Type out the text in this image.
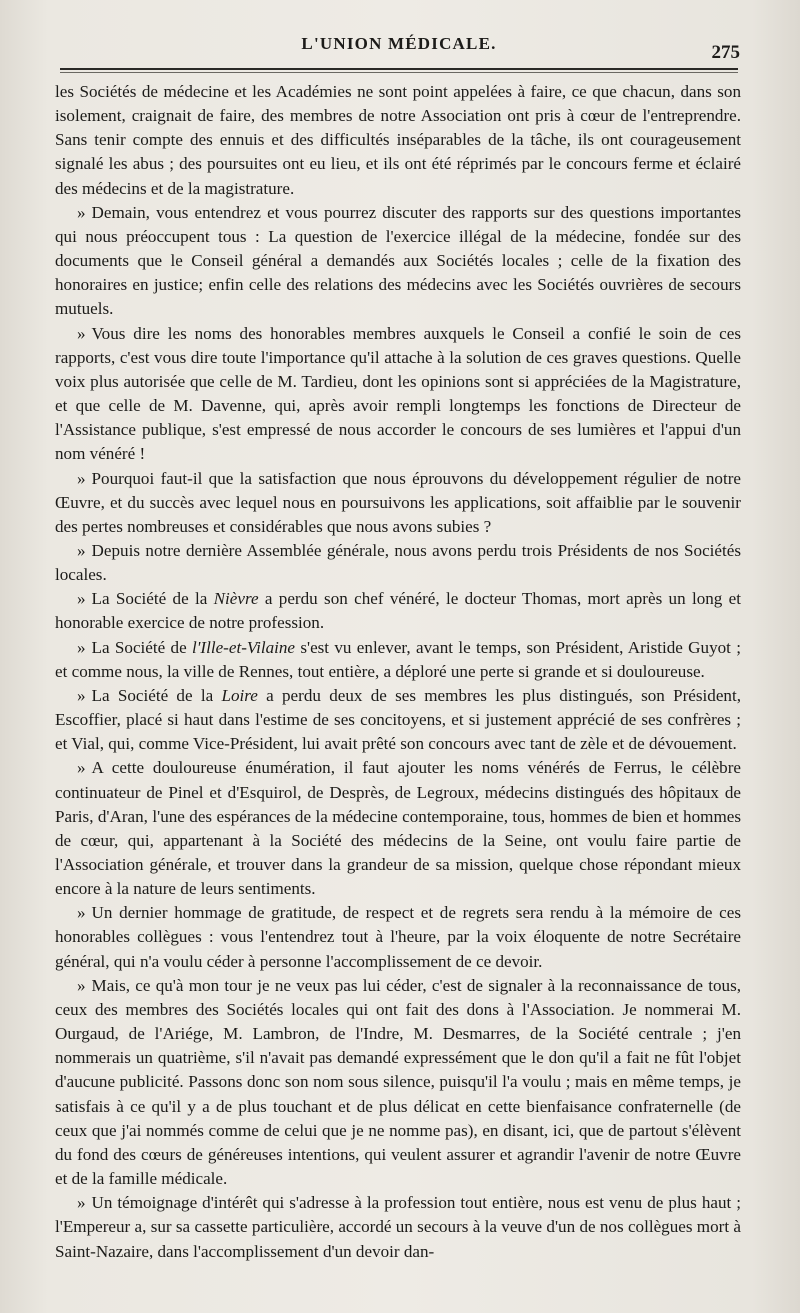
L'UNION MÉDICALE.	275

les Sociétés de médecine et les Académies ne sont point appelées à faire, ce que chacun, dans son isolement, craignait de faire, des membres de notre Association ont pris à cœur de l'entreprendre. Sans tenir compte des ennuis et des difficultés inséparables de la tâche, ils ont courageusement signalé les abus ; des poursuites ont eu lieu, et ils ont été réprimés par le concours ferme et éclairé des médecins et de la magistrature.

» Demain, vous entendrez et vous pourrez discuter des rapports sur des questions importantes qui nous préoccupent tous : La question de l'exercice illégal de la médecine, fondée sur des documents que le Conseil général a demandés aux Sociétés locales ; celle de la fixation des honoraires en justice; enfin celle des relations des médecins avec les Sociétés ouvrières de secours mutuels.

» Vous dire les noms des honorables membres auxquels le Conseil a confié le soin de ces rapports, c'est vous dire toute l'importance qu'il attache à la solution de ces graves questions. Quelle voix plus autorisée que celle de M. Tardieu, dont les opinions sont si appréciées de la Magistrature, et que celle de M. Davenne, qui, après avoir rempli longtemps les fonctions de Directeur de l'Assistance publique, s'est empressé de nous accorder le concours de ses lumières et l'appui d'un nom vénéré !

» Pourquoi faut-il que la satisfaction que nous éprouvons du développement régulier de notre Œuvre, et du succès avec lequel nous en poursuivons les applications, soit affaiblie par le souvenir des pertes nombreuses et considérables que nous avons subies ?

» Depuis notre dernière Assemblée générale, nous avons perdu trois Présidents de nos Sociétés locales.

» La Société de la Nièvre a perdu son chef vénéré, le docteur Thomas, mort après un long et honorable exercice de notre profession.

» La Société de l'Ille-et-Vilaine s'est vu enlever, avant le temps, son Président, Aristide Guyot ; et comme nous, la ville de Rennes, tout entière, a déploré une perte si grande et si douloureuse.

» La Société de la Loire a perdu deux de ses membres les plus distingués, son Président, Escoffier, placé si haut dans l'estime de ses concitoyens, et si justement apprécié de ses confrères ; et Vial, qui, comme Vice-Président, lui avait prêté son concours avec tant de zèle et de dévouement.

» A cette douloureuse énumération, il faut ajouter les noms vénérés de Ferrus, le célèbre continuateur de Pinel et d'Esquirol, de Desprès, de Legroux, médecins distingués des hôpitaux de Paris, d'Aran, l'une des espérances de la médecine contemporaine, tous, hommes de bien et hommes de cœur, qui, appartenant à la Société des médecins de la Seine, ont voulu faire partie de l'Association générale, et trouver dans la grandeur de sa mission, quelque chose répondant mieux encore à la nature de leurs sentiments.

» Un dernier hommage de gratitude, de respect et de regrets sera rendu à la mémoire de ces honorables collègues : vous l'entendrez tout à l'heure, par la voix éloquente de notre Secrétaire général, qui n'a voulu céder à personne l'accomplissement de ce devoir.

» Mais, ce qu'à mon tour je ne veux pas lui céder, c'est de signaler à la reconnaissance de tous, ceux des membres des Sociétés locales qui ont fait des dons à l'Association. Je nommerai M. Ourgaud, de l'Ariége, M. Lambron, de l'Indre, M. Desmarres, de la Société centrale ; j'en nommerais un quatrième, s'il n'avait pas demandé expressément que le don qu'il a fait ne fût l'objet d'aucune publicité. Passons donc son nom sous silence, puisqu'il l'a voulu ; mais en même temps, je satisfais à ce qu'il y a de plus touchant et de plus délicat en cette bienfaisance confraternelle (de ceux que j'ai nommés comme de celui que je ne nomme pas), en disant, ici, que de partout s'élèvent du fond des cœurs de généreuses intentions, qui veulent assurer et agrandir l'avenir de notre Œuvre et de la famille médicale.

» Un témoignage d'intérêt qui s'adresse à la profession tout entière, nous est venu de plus haut ; l'Empereur a, sur sa cassette particulière, accordé un secours à la veuve d'un de nos collègues mort à Saint-Nazaire, dans l'accomplissement d'un devoir dan-
